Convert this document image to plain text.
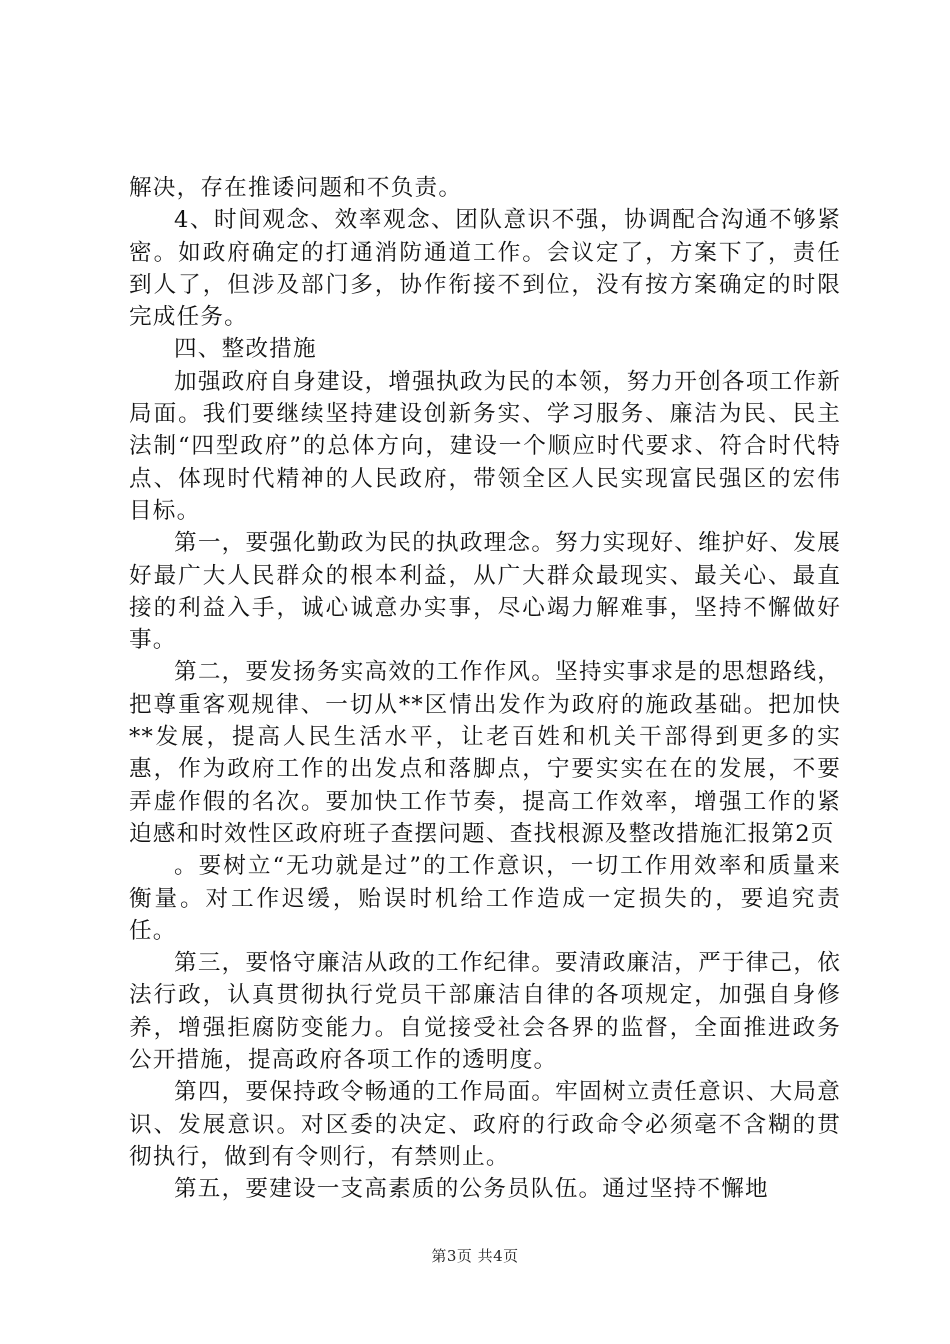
解决，存在推诿问题和不负责。

4、时间观念、效率观念、团队意识不强，协调配合沟通不够紧密。如政府确定的打通消防通道工作。会议定了，方案下了，责任到人了，但涉及部门多，协作衔接不到位，没有按方案确定的时限完成任务。

四、整改措施

加强政府自身建设，增强执政为民的本领，努力开创各项工作新局面。我们要继续坚持建设创新务实、学习服务、廉洁为民、民主法制“四型政府”的总体方向，建设一个顺应时代要求、符合时代特点、体现时代精神的人民政府，带领全区人民实现富民强区的宏伟目标。

第一，要强化勤政为民的执政理念。努力实现好、维护好、发展好最广大人民群众的根本利益，从广大群众最现实、最关心、最直接的利益入手，诚心诚意办实事，尽心竭力解难事，坚持不懈做好事。

第二，要发扬务实高效的工作作风。坚持实事求是的思想路线，把尊重客观规律、一切从**区情出发作为政府的施政基础。把加快**发展，提高人民生活水平，让老百姓和机关干部得到更多的实惠，作为政府工作的出发点和落脚点，宁要实实在在的发展，不要弄虚作假的名次。要加快工作节奏，提高工作效率，增强工作的紧迫感和时效性区政府班子查摆问题、查找根源及整改措施汇报第2页

。要树立“无功就是过”的工作意识，一切工作用效率和质量来衡量。对工作迟缓，贻误时机给工作造成一定损失的，要追究责任。

第三，要恪守廉洁从政的工作纪律。要清政廉洁，严于律己，依法行政，认真贯彻执行党员干部廉洁自律的各项规定，加强自身修养，增强拒腐防变能力。自觉接受社会各界的监督，全面推进政务公开措施，提高政府各项工作的透明度。

第四，要保持政令畅通的工作局面。牢固树立责任意识、大局意识、发展意识。对区委的决定、政府的行政命令必须毫不含糊的贯彻执行，做到有令则行，有禁则止。

第五，要建设一支高素质的公务员队伍。通过坚持不懈地

第3页 共4页
